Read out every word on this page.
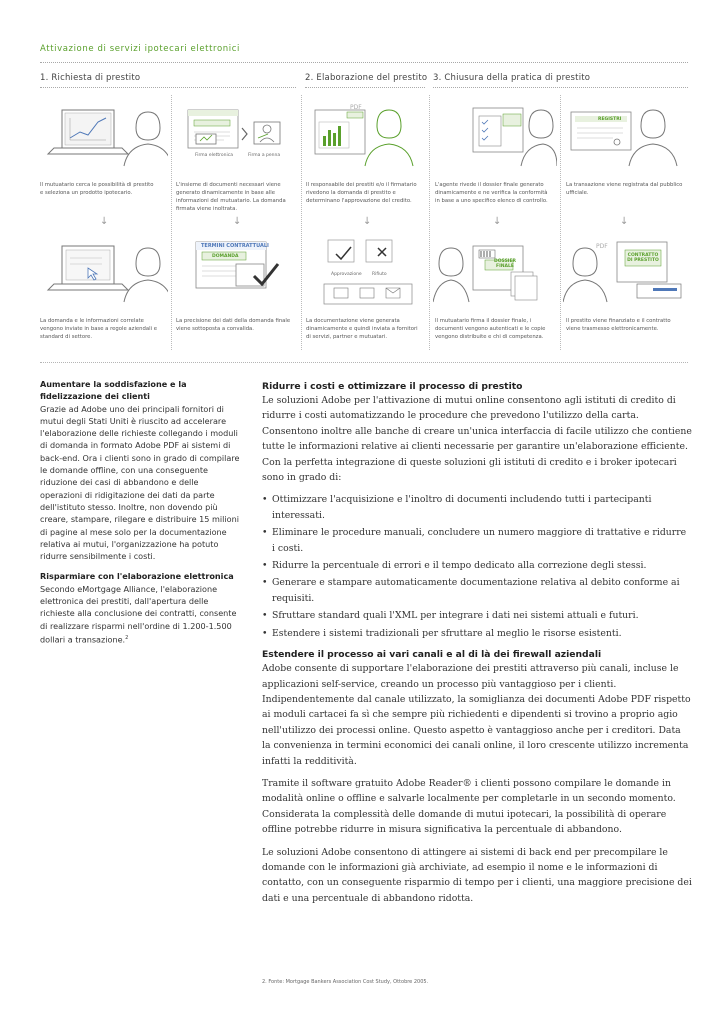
Attivazione di servizi ipotecari elettronici
1. Richiesta di prestito	2. Elaborazione del prestito 3. Chiusura della pratica di prestito
Firma elettronica	Firma a penna
PDF
REGISTRI
Il mutuatario cerca le possibilità di prestito e seleziona un prodotto ipotecario.
L'insieme di documenti necessari viene generato dinamicamente in base alle informazioni del mutuatario. La domanda firmata viene inoltrata.
Il responsabile dei prestiti e/o il firmatario rivedono la domanda di prestito e determinano l'approvazione del credito.
L'agente rivede il dossier finale generato dinamicamente e ne verifica la conformità in base a uno specifico elenco di controllo.
La transazione viene registrata dal pubblico ufficiale.
↓	↓	↓	↓	↓
TERMINI CONTRATTUALI
DOMANDA
Approvazione Rifiuto
DOSSIER FINALE
PDF
CONTRATTO DI PRESTITO
La domanda e le informazioni correlate vengono inviate in base a regole aziendali e standard di settore.
La precisione dei dati della domanda finale viene sottoposta a convalida.
La documentazione viene generata dinamicamente e quindi inviata a fornitori di servizi, partner e mutuatari.
Il mutuatario firma il dossier finale, i documenti vengono autenticati e le copie vengono distribuite e chi di competenza.
Il prestito viene finanziato e il contratto viene trasmesso elettronicamente.
Aumentare la soddisfazione e la fidelizzazione dei clienti

Grazie ad Adobe uno dei principali fornitori di mutui degli Stati Uniti è riuscito ad accelerare l'elaborazione delle richieste collegando i moduli di domanda in formato Adobe PDF ai sistemi di back-end. Ora i clienti sono in grado di compilare le domande offline, con una conseguente riduzione dei casi di abbandono e delle operazioni di ridigitazione dei dati da parte dell'istituto stesso. Inoltre, non dovendo più creare, stampare, rilegare e distribuire 15 milioni di pagine al mese solo per la documentazione relativa ai mutui, l'organizzazione ha potuto ridurre sensibilmente i costi.

Risparmiare con l'elaborazione elettronica

Secondo eMortgage Alliance, l'elaborazione elettronica dei prestiti, dall'apertura delle richieste alla conclusione dei contratti, consente di realizzare risparmi nell'ordine di 1.200-1.500 dollari a transazione.$^2$

Ridurre i costi e ottimizzare il processo di prestito

Le soluzioni Adobe per l'attivazione di mutui online consentono agli istituti di credito di ridurre i costi automatizzando le procedure che prevedono l'utilizzo della carta. Consentono inoltre alle banche di creare un'unica interfaccia di facile utilizzo che contiene tutte le informazioni relative ai clienti necessarie per garantire un'elaborazione efficiente. Con la perfetta integrazione di queste soluzioni gli istituti di credito e i broker ipotecari sono in grado di:

• Ottimizzare l'acquisizione e l'inoltro di documenti includendo tutti i partecipanti interessati.
• Eliminare le procedure manuali, concludere un numero maggiore di trattative e ridurre i costi.
• Ridurre la percentuale di errori e il tempo dedicato alla correzione degli stessi.
• Generare e stampare automaticamente documentazione relativa al debito conforme ai requisiti.
• Sfruttare standard quali l'XML per integrare i dati nei sistemi attuali e futuri.
• Estendere i sistemi tradizionali per sfruttare al meglio le risorse esistenti.
Estendere il processo ai vari canali e al di là dei firewall aziendali

Adobe consente di supportare l'elaborazione dei prestiti attraverso più canali, incluse le applicazioni self-service, creando un processo più vantaggioso per i clienti. Indipendentemente dal canale utilizzato, la somiglianza dei documenti Adobe PDF rispetto ai moduli cartacei fa sì che sempre più richiedenti e dipendenti si trovino a proprio agio nell'utilizzo dei processi online. Questo aspetto è vantaggioso anche per i creditori. Data la convenienza in termini economici dei canali online, il loro crescente utilizzo incrementa infatti la redditività.

Tramite il software gratuito Adobe Reader® i clienti possono compilare le domande in modalità online o offline e salvarle localmente per completarle in un secondo momento. Considerata la complessità delle domande di mutui ipotecari, la possibilità di operare offline potrebbe ridurre in misura significativa la percentuale di abbandono.

Le soluzioni Adobe consentono di attingere ai sistemi di back end per precompilare le domande con le informazioni già archiviate, ad esempio il nome e le informazioni di contatto, con un conseguente risparmio di tempo per i clienti, una maggiore precisione dei dati e una percentuale di abbandono ridotta.

2. Fonte: Mortgage Bankers Association Cost Study, Ottobre 2005.
